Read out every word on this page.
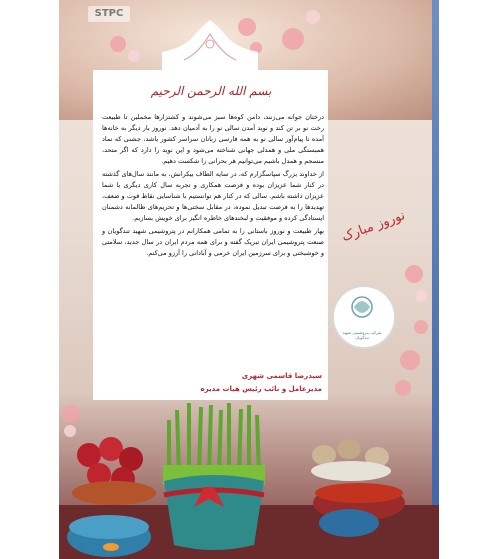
STPC
بسم الله الرحمن الرحیم

درختان جوانه می‌زنند، دامن کوه‌ها سبز می‌شوند و کشتزارها مخملین تا طبیعت رخت نو بر تن کند و نوید آمدن سالی نو را به آدمیان دهد. نوروز بار دیگر به خانه‌ها آمده تا پیام‌آور سالی نو به همه فارسی زبانان سراسر کشور باشد، جشنی که نماد همبستگی ملی و همدلی جهانی شناخته می‌شود و این نوید را دارد که اگر متحد، منسجم و همدل باشیم می‌توانیم هر بحرانی را شکست دهیم.

از خداوند بزرگ سپاسگزارم که، در سایه الطاف بیکرانش، به مانند سال‌های گذشته در کنار شما عزیزان بوده و فرصت همکاری و تجربه سال کاری دیگری با شما عزیزان داشته باشم. سالی که در کنار هم توانستیم با شناسایی نقاط قوت و ضعف، تهدیدها را به فرصت تبدیل نموده، در مقابل سختی‌ها و تحریم‌های ظالمانه دشمنان ایستادگی کرده و موفقیت و لبخندهای خاطره انگیز برای خویش بسازیم.

بهار طبیعت و نوروز باستانی را به تمامی همکارانم در پتروشیمی شهید تندگویان و صنعت پتروشیمی ایران تبریک گفته و برای همه مردم ایران در سال جدید، سلامتی و خوشبختی و برای سرزمین ایران خرمی و آبادانی را آرزو می‌کنم.

سیدرضا قاسمی شهری
مدیرعامل و نائب رئیس هیات مدیره
نوروز مبارک
شرکت پتروشیمی شهید تندگویان
